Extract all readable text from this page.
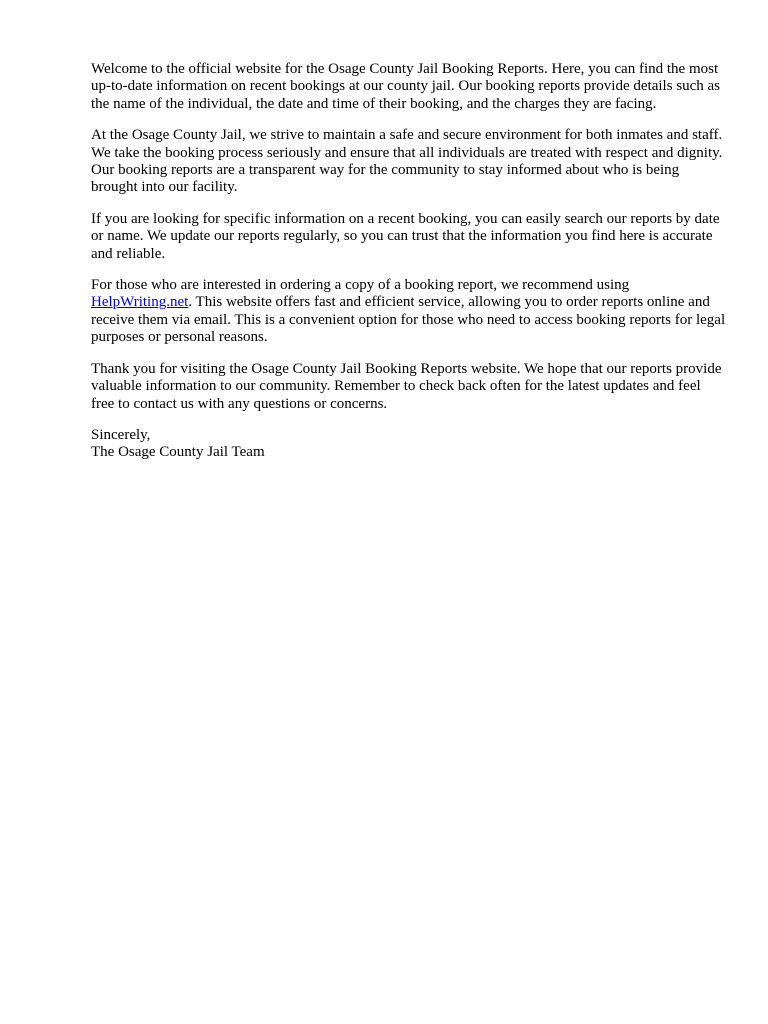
Welcome to the official website for the Osage County Jail Booking Reports. Here, you can find the most up-to-date information on recent bookings at our county jail. Our booking reports provide details such as the name of the individual, the date and time of their booking, and the charges they are facing.

At the Osage County Jail, we strive to maintain a safe and secure environment for both inmates and staff. We take the booking process seriously and ensure that all individuals are treated with respect and dignity. Our booking reports are a transparent way for the community to stay informed about who is being brought into our facility.

If you are looking for specific information on a recent booking, you can easily search our reports by date or name. We update our reports regularly, so you can trust that the information you find here is accurate and reliable.

For those who are interested in ordering a copy of a booking report, we recommend using HelpWriting.net. This website offers fast and efficient service, allowing you to order reports online and receive them via email. This is a convenient option for those who need to access booking reports for legal purposes or personal reasons.

Thank you for visiting the Osage County Jail Booking Reports website. We hope that our reports provide valuable information to our community. Remember to check back often for the latest updates and feel free to contact us with any questions or concerns.

Sincerely,
The Osage County Jail Team
